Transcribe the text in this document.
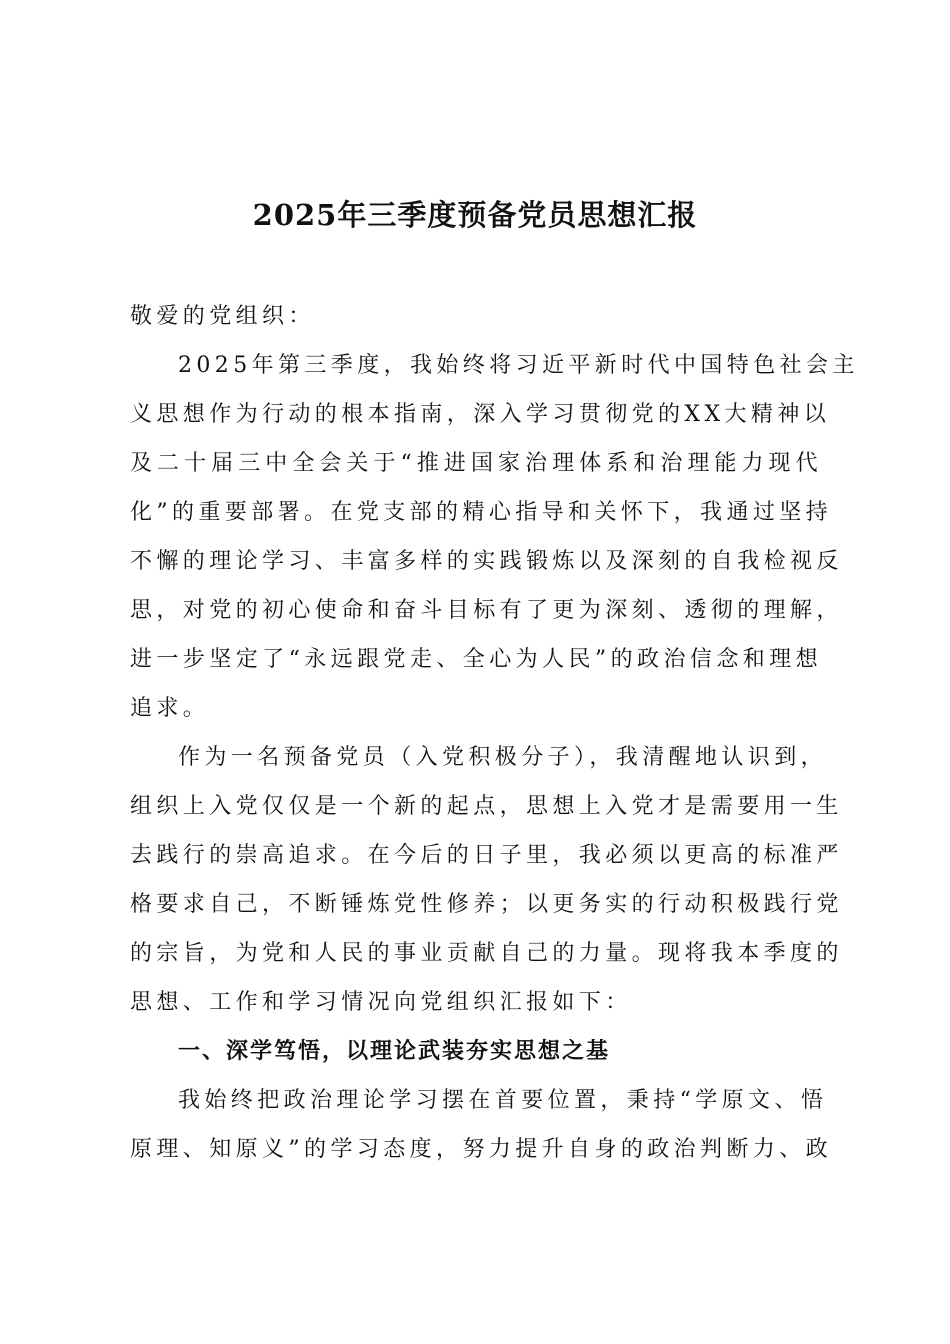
2025年三季度预备党员思想汇报
敬爱的党组织：
2025年第三季度，我始终将习近平新时代中国特色社会主
义思想作为行动的根本指南，深入学习贯彻党的XX大精神以
及二十届三中全会关于“推进国家治理体系和治理能力现代
化”的重要部署。在党支部的精心指导和关怀下，我通过坚持
不懈的理论学习、丰富多样的实践锻炼以及深刻的自我检视反
思，对党的初心使命和奋斗目标有了更为深刻、透彻的理解，
进一步坚定了“永远跟党走、全心为人民”的政治信念和理想
追求。
作为一名预备党员（入党积极分子），我清醒地认识到，
组织上入党仅仅是一个新的起点，思想上入党才是需要用一生
去践行的崇高追求。在今后的日子里，我必须以更高的标准严
格要求自己，不断锤炼党性修养；以更务实的行动积极践行党
的宗旨，为党和人民的事业贡献自己的力量。现将我本季度的
思想、工作和学习情况向党组织汇报如下：
一、深学笃悟，以理论武装夯实思想之基
我始终把政治理论学习摆在首要位置，秉持“学原文、悟
原理、知原义”的学习态度，努力提升自身的政治判断力、政
